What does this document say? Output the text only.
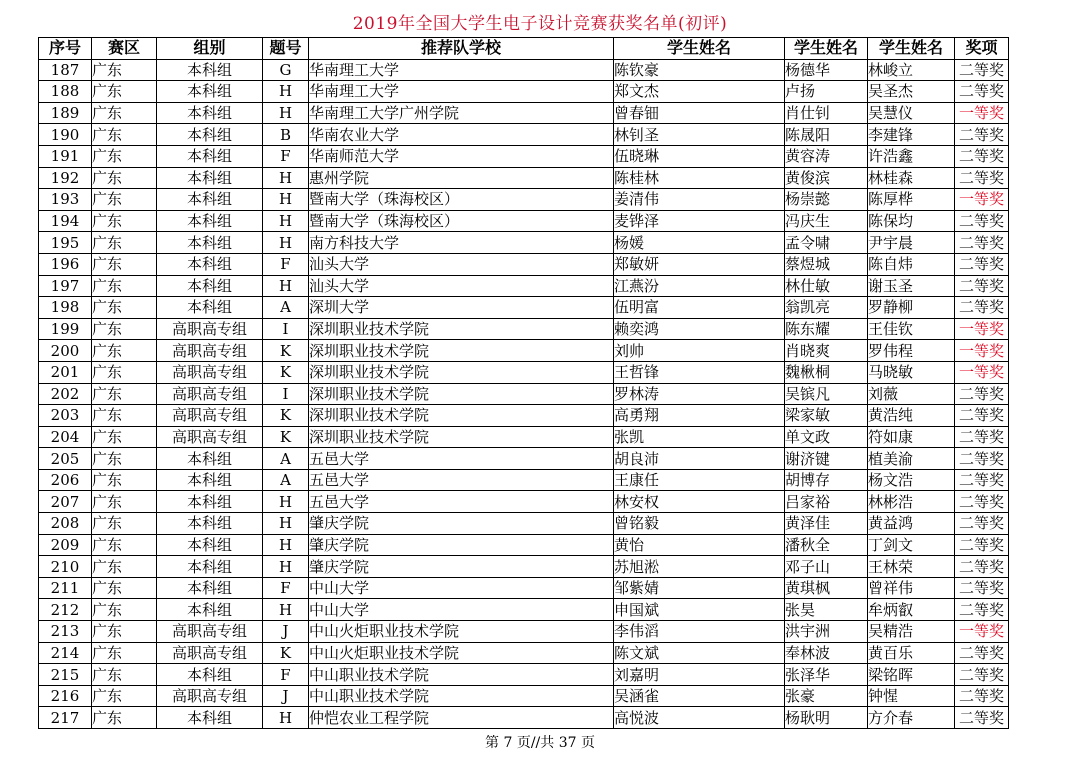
2019年全国大学生电子设计竞赛获奖名单(初评)
序号	赛区	组别	题号	推荐队学校	学生姓名	学生姓名	学生姓名	奖项
187	广东	本科组	G	华南理工大学	陈钦豪	杨德华	林峻立	二等奖
188	广东	本科组	H	华南理工大学	郑文杰	卢扬	吴圣杰	二等奖
189	广东	本科组	H	华南理工大学广州学院	曾春钿	肖仕钊	吴慧仪	一等奖
190	广东	本科组	B	华南农业大学	林钊圣	陈晟阳	李建锋	二等奖
191	广东	本科组	F	华南师范大学	伍晓琳	黄容涛	许浩鑫	二等奖
192	广东	本科组	H	惠州学院	陈桂林	黄俊滨	林桂森	二等奖
193	广东	本科组	H	暨南大学（珠海校区）	姜清伟	杨崇懿	陈厚桦	一等奖
194	广东	本科组	H	暨南大学（珠海校区）	麦铧泽	冯庆生	陈保均	二等奖
195	广东	本科组	H	南方科技大学	杨媛	孟令啸	尹宇晨	二等奖
196	广东	本科组	F	汕头大学	郑敏妍	蔡煜城	陈自炜	二等奖
197	广东	本科组	H	汕头大学	江燕汾	林仕敏	谢玉圣	二等奖
198	广东	本科组	A	深圳大学	伍明富	翁凯亮	罗静柳	二等奖
199	广东	高职高专组	I	深圳职业技术学院	赖奕鸿	陈东耀	王佳钦	一等奖
200	广东	高职高专组	K	深圳职业技术学院	刘帅	肖晓爽	罗伟程	一等奖
201	广东	高职高专组	K	深圳职业技术学院	王哲锋	魏楸桐	马晓敏	一等奖
202	广东	高职高专组	I	深圳职业技术学院	罗林涛	吴镔凡	刘薇	二等奖
203	广东	高职高专组	K	深圳职业技术学院	高勇翔	梁家敏	黄浩纯	二等奖
204	广东	高职高专组	K	深圳职业技术学院	张凯	单文政	符如康	二等奖
205	广东	本科组	A	五邑大学	胡良沛	谢济键	植美渝	二等奖
206	广东	本科组	A	五邑大学	王康任	胡博存	杨文浩	二等奖
207	广东	本科组	H	五邑大学	林安权	吕家裕	林彬浩	二等奖
208	广东	本科组	H	肇庆学院	曾铭毅	黄泽佳	黄益鸿	二等奖
209	广东	本科组	H	肇庆学院	黄怡	潘秋全	丁剑文	二等奖
210	广东	本科组	H	肇庆学院	苏旭淞	邓子山	王林荣	二等奖
211	广东	本科组	F	中山大学	邹紫婧	黄琪枫	曾祥伟	二等奖
212	广东	本科组	H	中山大学	申国斌	张昊	牟炳叡	二等奖
213	广东	高职高专组	J	中山火炬职业技术学院	李伟滔	洪宇洲	吴精浩	一等奖
214	广东	高职高专组	K	中山火炬职业技术学院	陈文斌	奉林波	黄百乐	二等奖
215	广东	本科组	F	中山职业技术学院	刘嘉明	张泽华	梁铭晖	二等奖
216	广东	高职高专组	J	中山职业技术学院	吴涵雀	张豪	钟惺	二等奖
217	广东	本科组	H	仲恺农业工程学院	高悦波	杨耿明	方介春	二等奖
第 7 页//共 37 页
